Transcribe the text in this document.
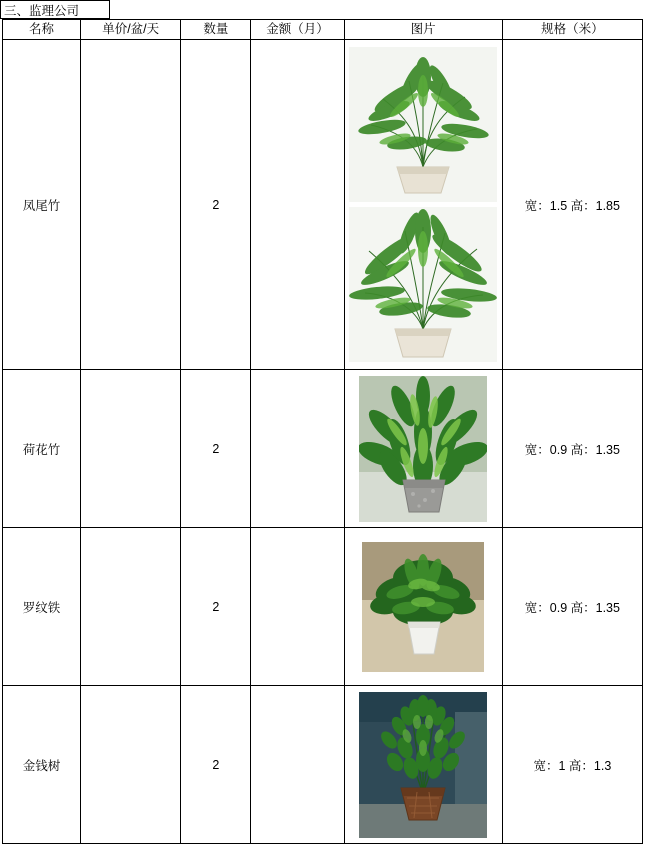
三、监理公司
名称	单价/盆/天	数量	金额（月）	图片	规格（米）
凤尾竹		2			宽：1.5 高：1.85
荷花竹		2			宽：0.9 高：1.35
罗纹铁		2			宽：0.9 高：1.35
金钱树		2			宽：1 高：1.3
